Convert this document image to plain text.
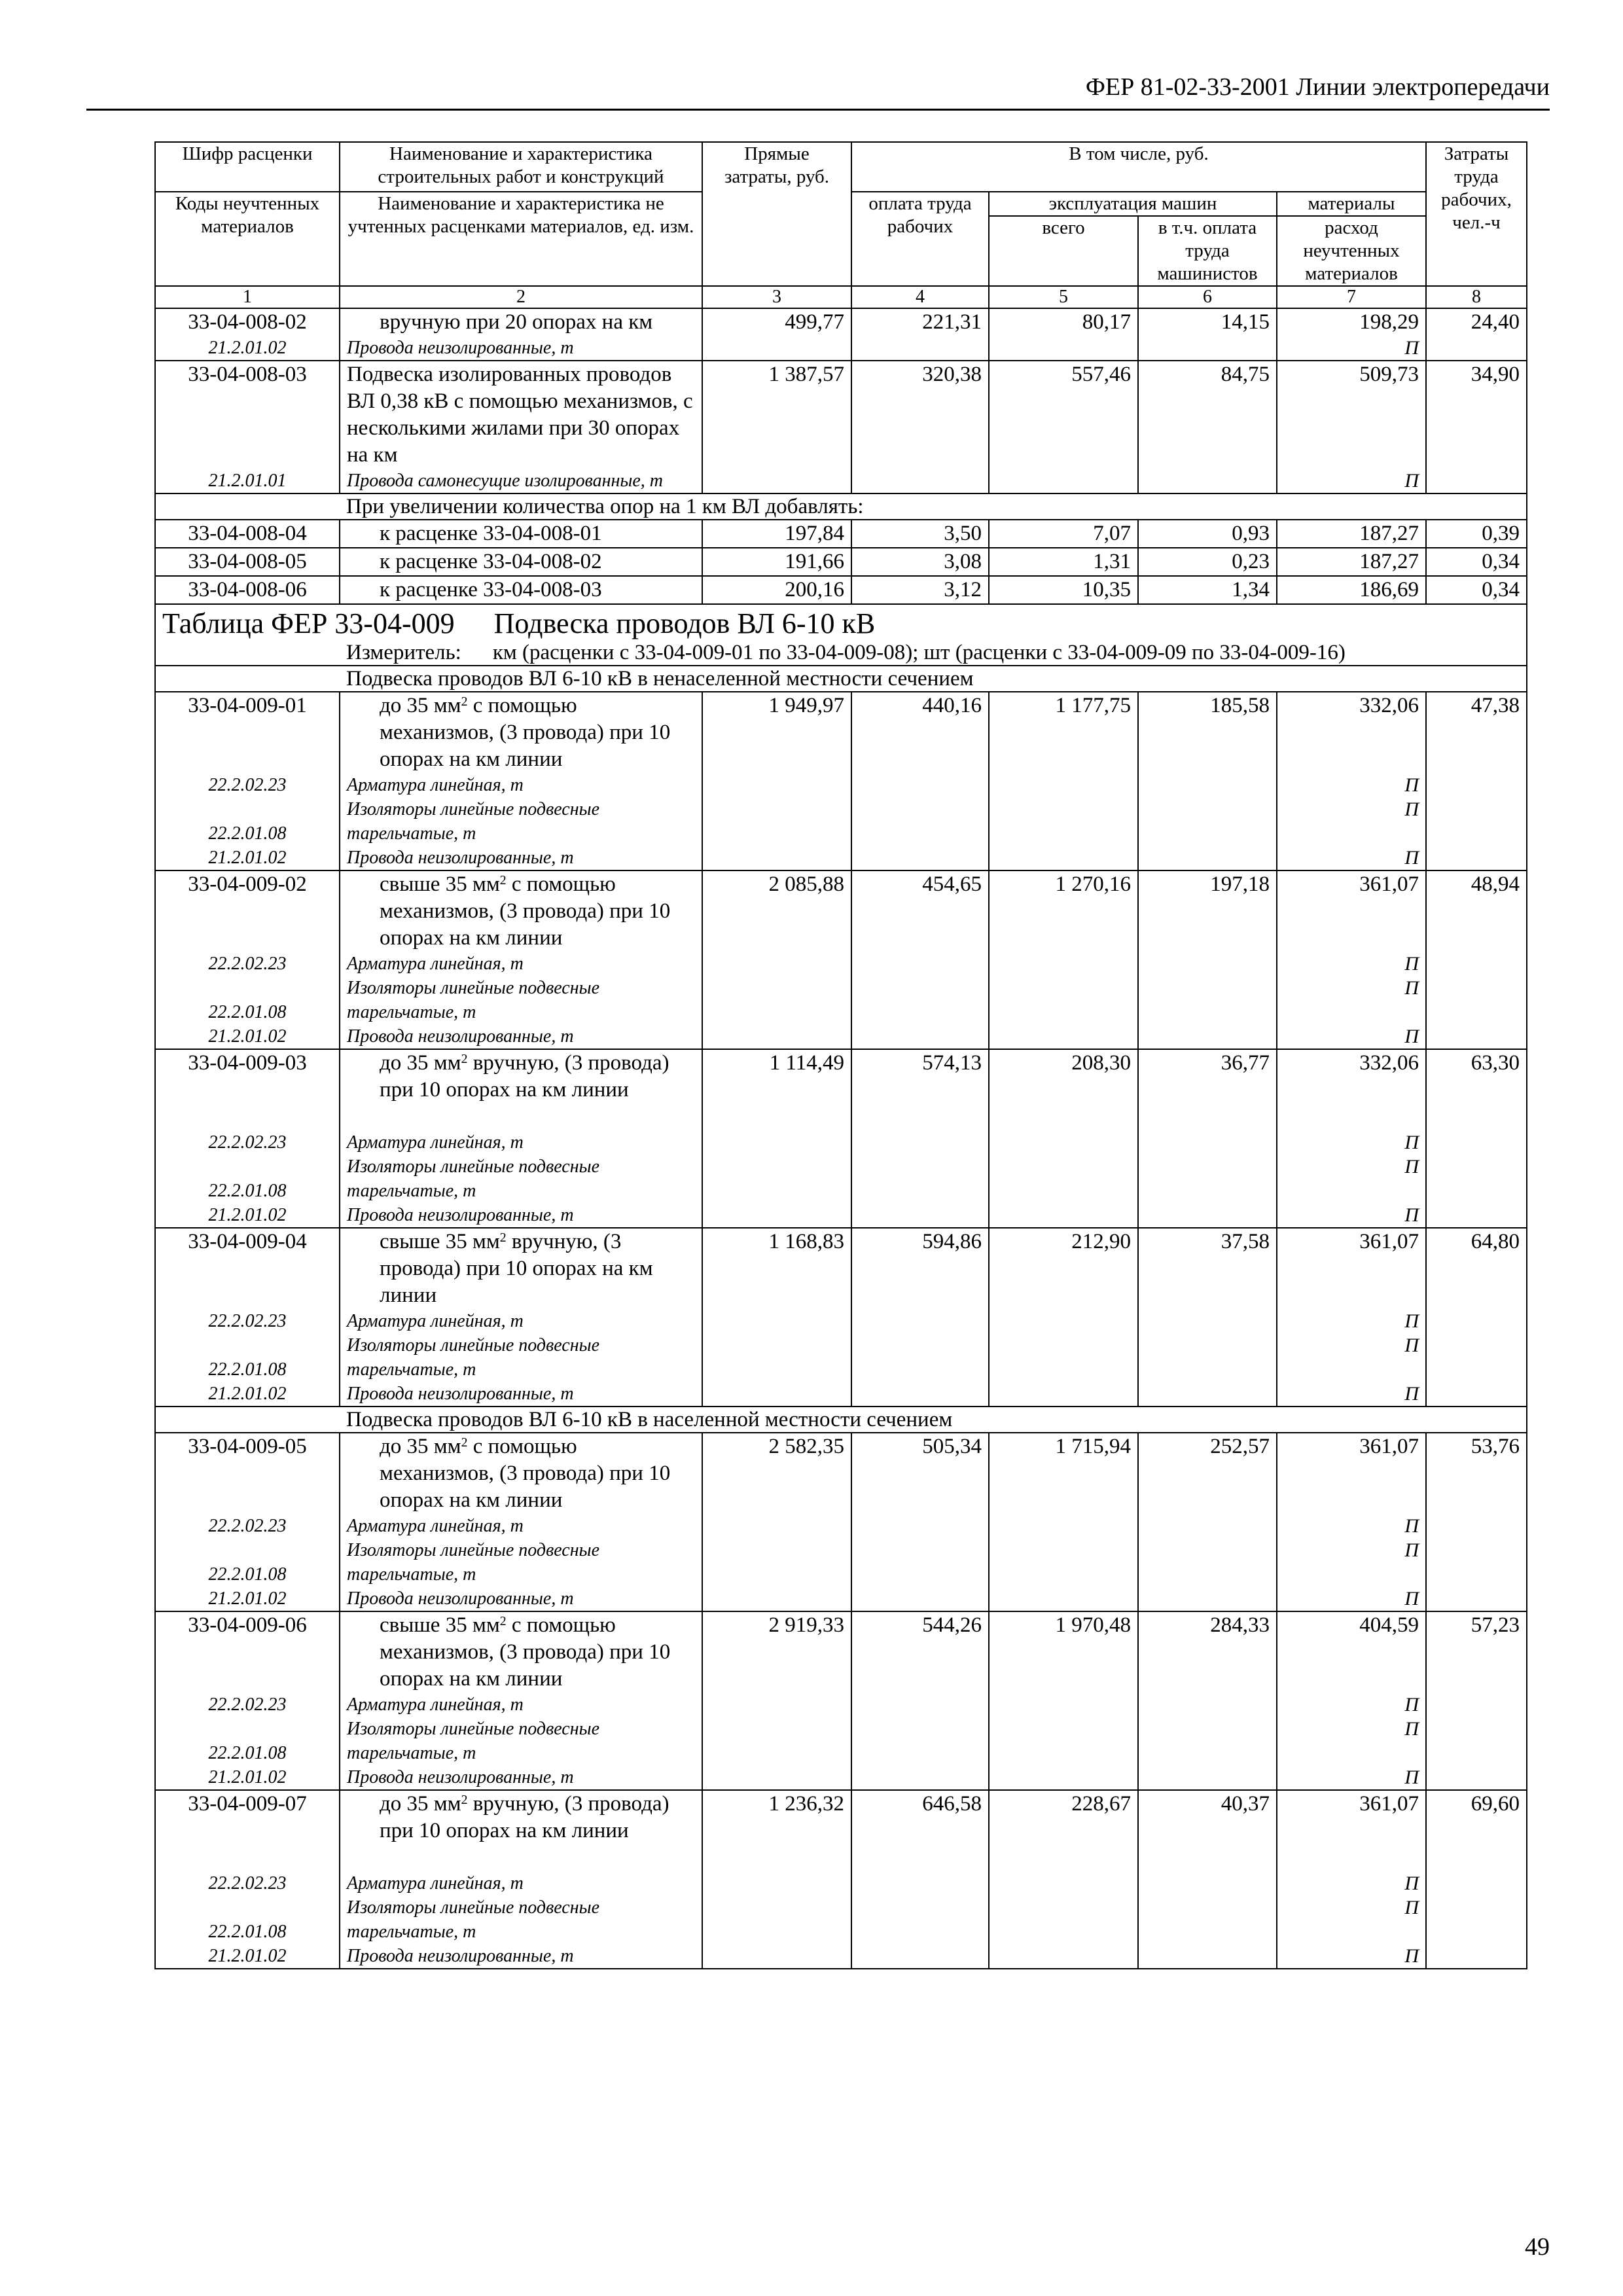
ФЕР 81-02-33-2001 Линии электропередачи
Шифр расценки	Наименование и характеристика строительных работ и конструкций	Прямые затраты, руб.	В том числе, руб.				Затраты труда рабочих, чел.-ч
Коды неучтенных материалов	Наименование и характеристика не учтенных расценками материалов, ед. изм.		оплата труда рабочих	эксплуатация машин		материалы	
				всего	в т.ч. оплата труда машинистов	расход неучтенных материалов	

1	2	3	4	5	6	7	8
33-04-008-02	вручную при 20 опорах на км	499,77	221,31	80,17	14,15	198,29	24,40
21.2.01.02	Провода неизолированные, т					П	
33-04-008-03	Подвеска изолированных проводов ВЛ 0,38 кВ с помощью механизмов, с несколькими жилами при 30 опорах на км	1 387,57	320,38	557,46	84,75	509,73	34,90
21.2.01.01	Провода самонесущие изолированные, т					П	
	При увеличении количества опор на 1 км ВЛ добавлять:						
33-04-008-04	к расценке 33-04-008-01	197,84	3,50	7,07	0,93	187,27	0,39
33-04-008-05	к расценке 33-04-008-02	191,66	3,08	1,31	0,23	187,27	0,34
33-04-008-06	к расценке 33-04-008-03	200,16	3,12	10,35	1,34	186,69	0,34
Таблица ФЕР 33-04-009 Подвеска проводов ВЛ 6-10 кВ							
	Измеритель: км (расценки с 33-04-009-01 по 33-04-009-08); шт (расценки с 33-04-009-09 по 33-04-009-16)						
	Подвеска проводов ВЛ 6-10 кВ в ненаселенной местности сечением						
33-04-009-01	до 35 $мм^2$ с помощью механизмов, (3 провода) при 10 опорах на км линии	1 949,97	440,16	1 177,75	185,58	332,06	47,38
22.2.02.23	Арматура линейная, т					П	
22.2.01.08	Изоляторы линейные подвесные тарельчатые, т					П	
21.2.01.02	Провода неизолированные, т					П	
33-04-009-02	свыше 35 $мм^2$ с помощью механизмов, (3 провода) при 10 опорах на км линии	2 085,88	454,65	1 270,16	197,18	361,07	48,94
22.2.02.23	Арматура линейная, т					П	
22.2.01.08	Изоляторы линейные подвесные тарельчатые, т					П	
21.2.01.02	Провода неизолированные, т					П	
33-04-009-03	до 35 $мм^2$ вручную, (3 провода) при 10 опорах на км линии	1 114,49	574,13	208,30	36,77	332,06	63,30
22.2.02.23	Арматура линейная, т					П	
22.2.01.08	Изоляторы линейные подвесные тарельчатые, т					П	
21.2.01.02	Провода неизолированные, т					П	
33-04-009-04	свыше 35 $мм^2$ вручную, (3 провода) при 10 опорах на км линии	1 168,83	594,86	212,90	37,58	361,07	64,80
22.2.02.23	Арматура линейная, т					П	
22.2.01.08	Изоляторы линейные подвесные тарельчатые, т					П	
21.2.01.02	Провода неизолированные, т					П	
	Подвеска проводов ВЛ 6-10 кВ в населенной местности сечением						
33-04-009-05	до 35 $мм^2$ с помощью механизмов, (3 провода) при 10 опорах на км линии	2 582,35	505,34	1 715,94	252,57	361,07	53,76
22.2.02.23	Арматура линейная, т					П	
22.2.01.08	Изоляторы линейные подвесные тарельчатые, т					П	
21.2.01.02	Провода неизолированные, т					П	
33-04-009-06	свыше 35 $мм^2$ с помощью механизмов, (3 провода) при 10 опорах на км линии	2 919,33	544,26	1 970,48	284,33	404,59	57,23
22.2.02.23	Арматура линейная, т					П	
22.2.01.08	Изоляторы линейные подвесные тарельчатые, т					П	
21.2.01.02	Провода неизолированные, т					П	
33-04-009-07	до 35 $мм^2$ вручную, (3 провода) при 10 опорах на км линии	1 236,32	646,58	228,67	40,37	361,07	69,60
22.2.02.23	Арматура линейная, т					П	
22.2.01.08	Изоляторы линейные подвесные тарельчатые, т					П	
21.2.01.02	Провода неизолированные, т					П	
49
